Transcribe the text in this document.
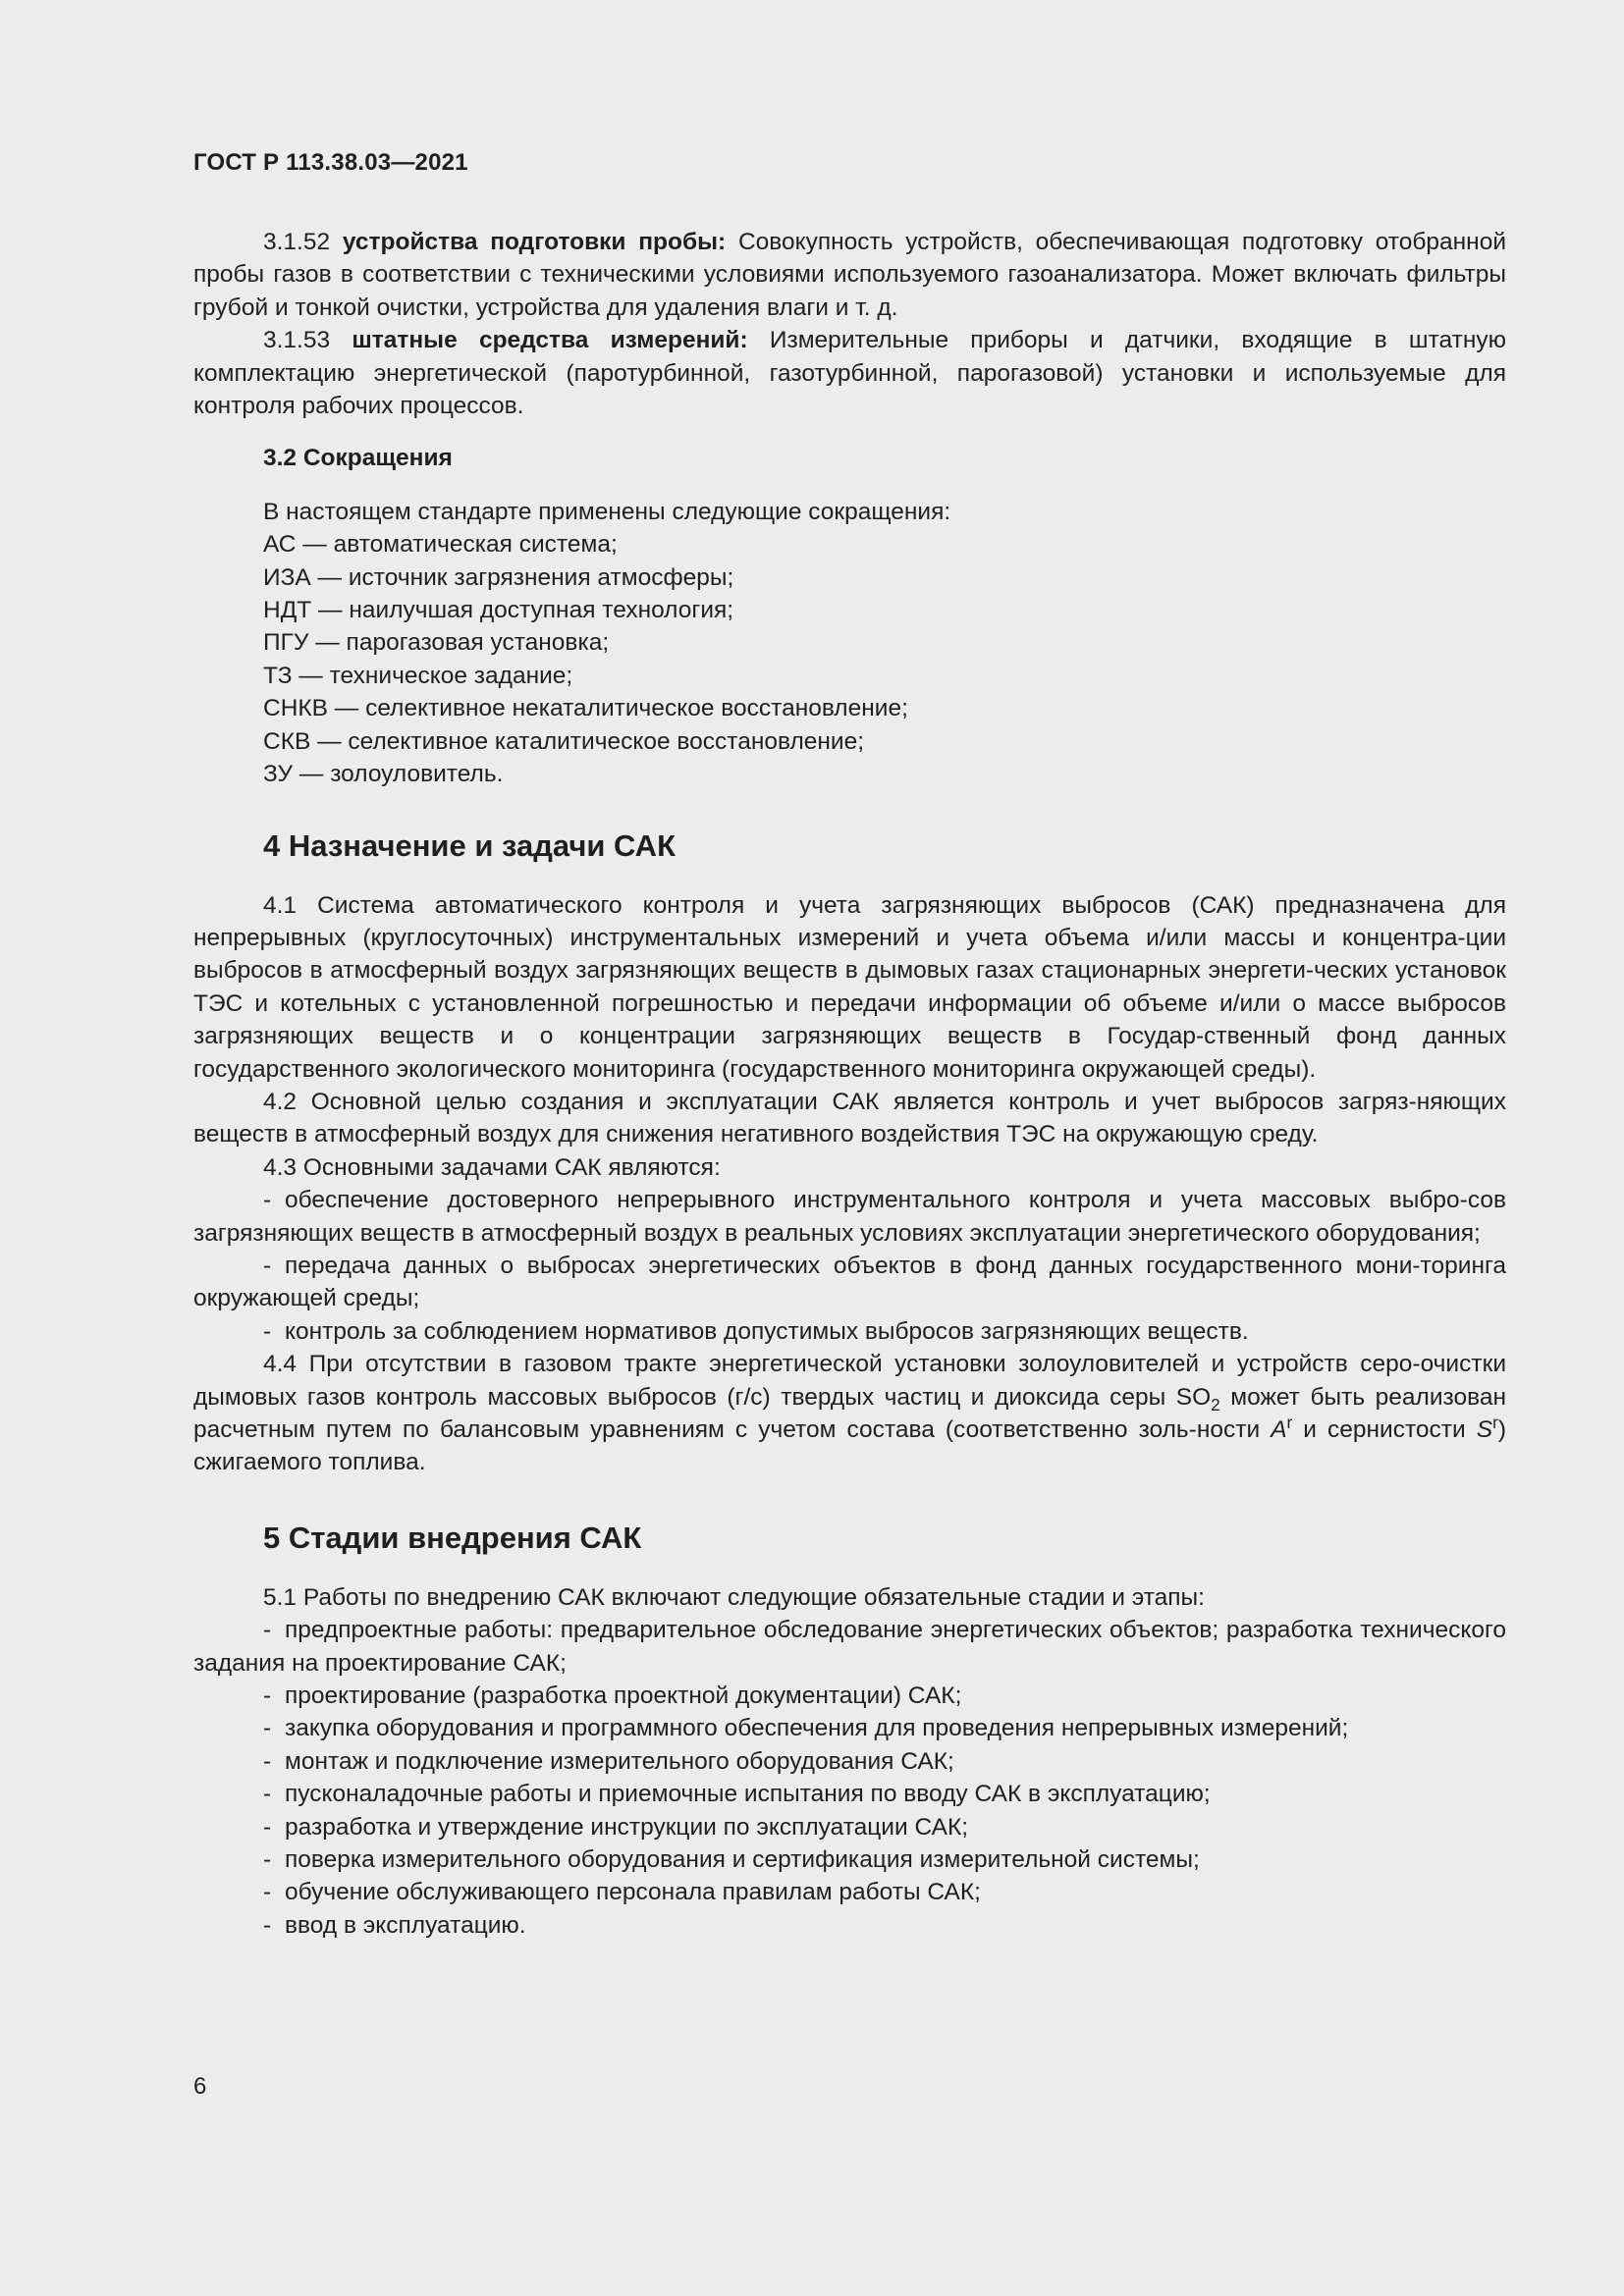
ГОСТ Р 113.38.03—2021

3.1.52 устройства подготовки пробы: Совокупность устройств, обеспечивающая подготовку отобранной пробы газов в соответствии с техническими условиями используемого газоанализатора. Может включать фильтры грубой и тонкой очистки, устройства для удаления влаги и т. д.

3.1.53 штатные средства измерений: Измерительные приборы и датчики, входящие в штатную комплектацию энергетической (паротурбинной, газотурбинной, парогазовой) установки и используемые для контроля рабочих процессов.

3.2 Сокращения

В настоящем стандарте применены следующие сокращения:

АС — автоматическая система;

ИЗА — источник загрязнения атмосферы;

НДТ — наилучшая доступная технология;

ПГУ — парогазовая установка;

ТЗ — техническое задание;

СНКВ — селективное некаталитическое восстановление;

СКВ — селективное каталитическое восстановление;

ЗУ — золоуловитель.

4 Назначение и задачи САК

4.1 Система автоматического контроля и учета загрязняющих выбросов (САК) предназначена для непрерывных (круглосуточных) инструментальных измерений и учета объема и/или массы и концентра-ции выбросов в атмосферный воздух загрязняющих веществ в дымовых газах стационарных энергети-ческих установок ТЭС и котельных с установленной погрешностью и передачи информации об объеме и/или о массе выбросов загрязняющих веществ и о концентрации загрязняющих веществ в Государ-ственный фонд данных государственного экологического мониторинга (государственного мониторинга окружающей среды).

4.2 Основной целью создания и эксплуатации САК является контроль и учет выбросов загряз-няющих веществ в атмосферный воздух для снижения негативного воздействия ТЭС на окружающую среду.

4.3 Основными задачами САК являются:

- обеспечение достоверного непрерывного инструментального контроля и учета массовых выбро-сов загрязняющих веществ в атмосферный воздух в реальных условиях эксплуатации энергетического оборудования;

- передача данных о выбросах энергетических объектов в фонд данных государственного мони-торинга окружающей среды;

- контроль за соблюдением нормативов допустимых выбросов загрязняющих веществ.

4.4 При отсутствии в газовом тракте энергетической установки золоуловителей и устройств серо-очистки дымовых газов контроль массовых выбросов (г/с) твердых частиц и диоксида серы $SO_2$ может быть реализован расчетным путем по балансовым уравнениям с учетом состава (соответственно золь-ности $A^r$ и сернистости $S^r$) сжигаемого топлива.

5 Стадии внедрения САК

5.1 Работы по внедрению САК включают следующие обязательные стадии и этапы:

- предпроектные работы: предварительное обследование энергетических объектов; разработка технического задания на проектирование САК;

- проектирование (разработка проектной документации) САК;

- закупка оборудования и программного обеспечения для проведения непрерывных измерений;

- монтаж и подключение измерительного оборудования САК;

- пусконаладочные работы и приемочные испытания по вводу САК в эксплуатацию;

- разработка и утверждение инструкции по эксплуатации САК;

- поверка измерительного оборудования и сертификация измерительной системы;

- обучение обслуживающего персонала правилам работы САК;

- ввод в эксплуатацию.

6
